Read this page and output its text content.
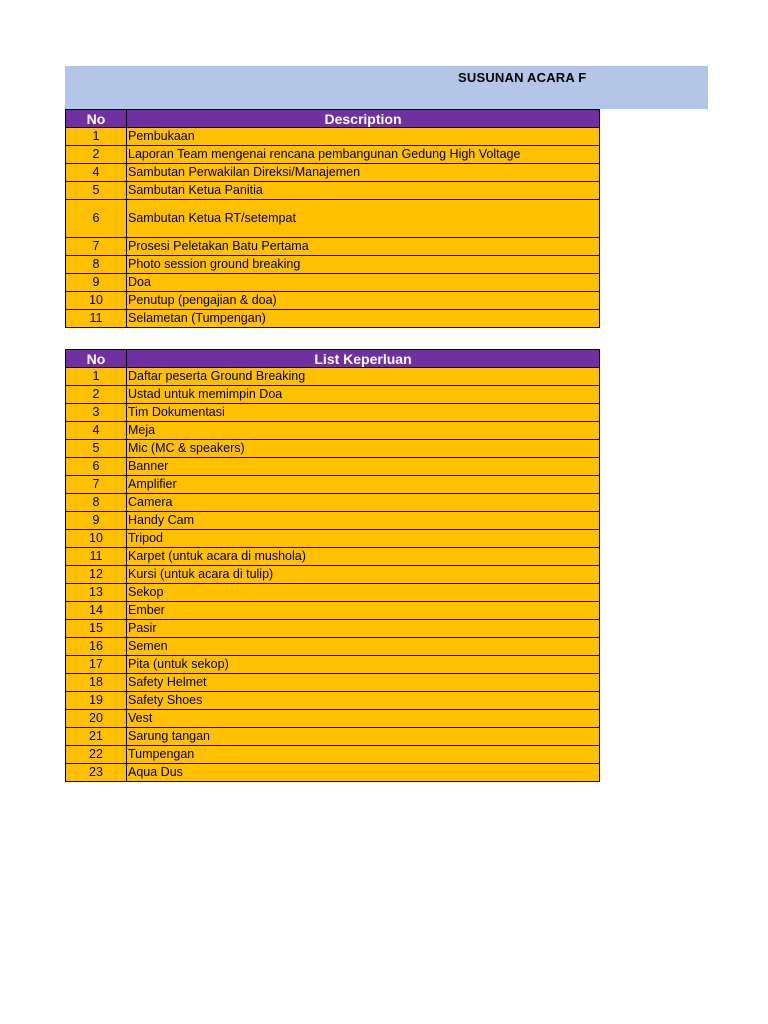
SUSUNAN ACARA F
No	Description
1	Pembukaan
2	Laporan Team mengenai rencana pembangunan Gedung High Voltage
4	Sambutan Perwakilan Direksi/Manajemen
5	Sambutan Ketua Panitia
6	Sambutan Ketua RT/setempat
7	Prosesi Peletakan Batu Pertama
8	Photo session ground breaking
9	Doa
10	Penutup (pengajian & doa)
11	Selametan (Tumpengan)
No	List Keperluan
1	Daftar peserta Ground Breaking
2	Ustad untuk memimpin Doa
3	Tim Dokumentasi
4	Meja
5	Mic (MC & speakers)
6	Banner
7	Amplifier
8	Camera
9	Handy Cam
10	Tripod
11	Karpet (untuk acara di mushola)
12	Kursi (untuk acara di tulip)
13	Sekop
14	Ember
15	Pasir
16	Semen
17	Pita (untuk sekop)
18	Safety Helmet
19	Safety Shoes
20	Vest
21	Sarung tangan
22	Tumpengan
23	Aqua Dus
